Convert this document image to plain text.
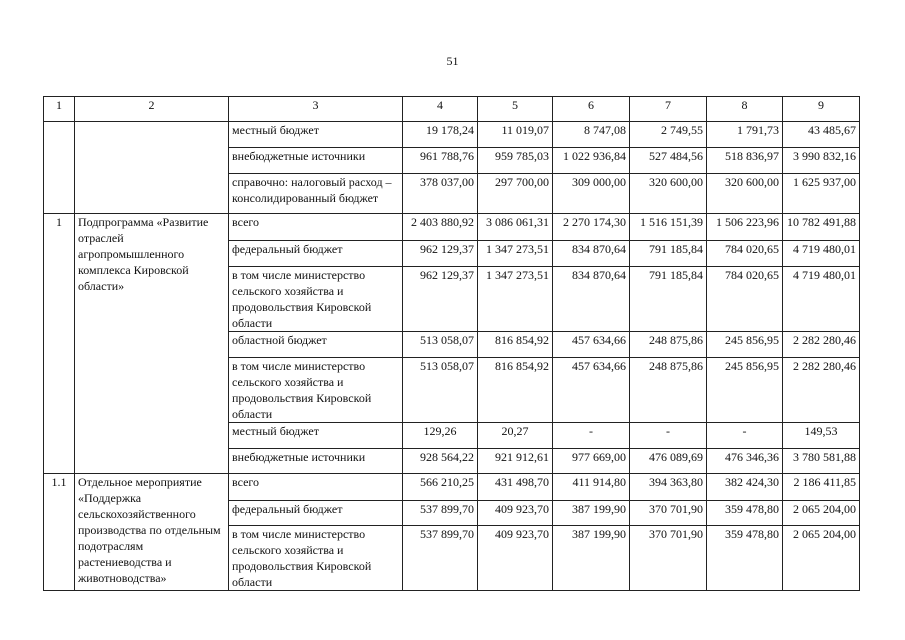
51
1	2	3	4	5	6	7	8	9
		местный бюджет	19 178,24	11 019,07	8 747,08	2 749,55	1 791,73	43 485,67
		внебюджетные источники	961 788,76	959 785,03	1 022 936,84	527 484,56	518 836,97	3 990 832,16
		справочно: налоговый расход – консолидированный бюджет	378 037,00	297 700,00	309 000,00	320 600,00	320 600,00	1 625 937,00
1	Подпрограмма «Развитие отраслей агропромышленного комплекса Кировской области»	всего	2 403 880,92	3 086 061,31	2 270 174,30	1 516 151,39	1 506 223,96	10 782 491,88
		федеральный бюджет	962 129,37	1 347 273,51	834 870,64	791 185,84	784 020,65	4 719 480,01
		в том числе министерство сельского хозяйства и продовольствия Кировской области	962 129,37	1 347 273,51	834 870,64	791 185,84	784 020,65	4 719 480,01
		областной бюджет	513 058,07	816 854,92	457 634,66	248 875,86	245 856,95	2 282 280,46
		в том числе министерство сельского хозяйства и продовольствия Кировской области	513 058,07	816 854,92	457 634,66	248 875,86	245 856,95	2 282 280,46
		местный бюджет	129,26	20,27	-	-	-	149,53
		внебюджетные источники	928 564,22	921 912,61	977 669,00	476 089,69	476 346,36	3 780 581,88
1.1	Отдельное мероприятие «Поддержка сельскохозяйственного производства по отдельным подотраслям растениеводства и животноводства»	всего	566 210,25	431 498,70	411 914,80	394 363,80	382 424,30	2 186 411,85
		федеральный бюджет	537 899,70	409 923,70	387 199,90	370 701,90	359 478,80	2 065 204,00
		в том числе министерство сельского хозяйства и продовольствия Кировской области	537 899,70	409 923,70	387 199,90	370 701,90	359 478,80	2 065 204,00
